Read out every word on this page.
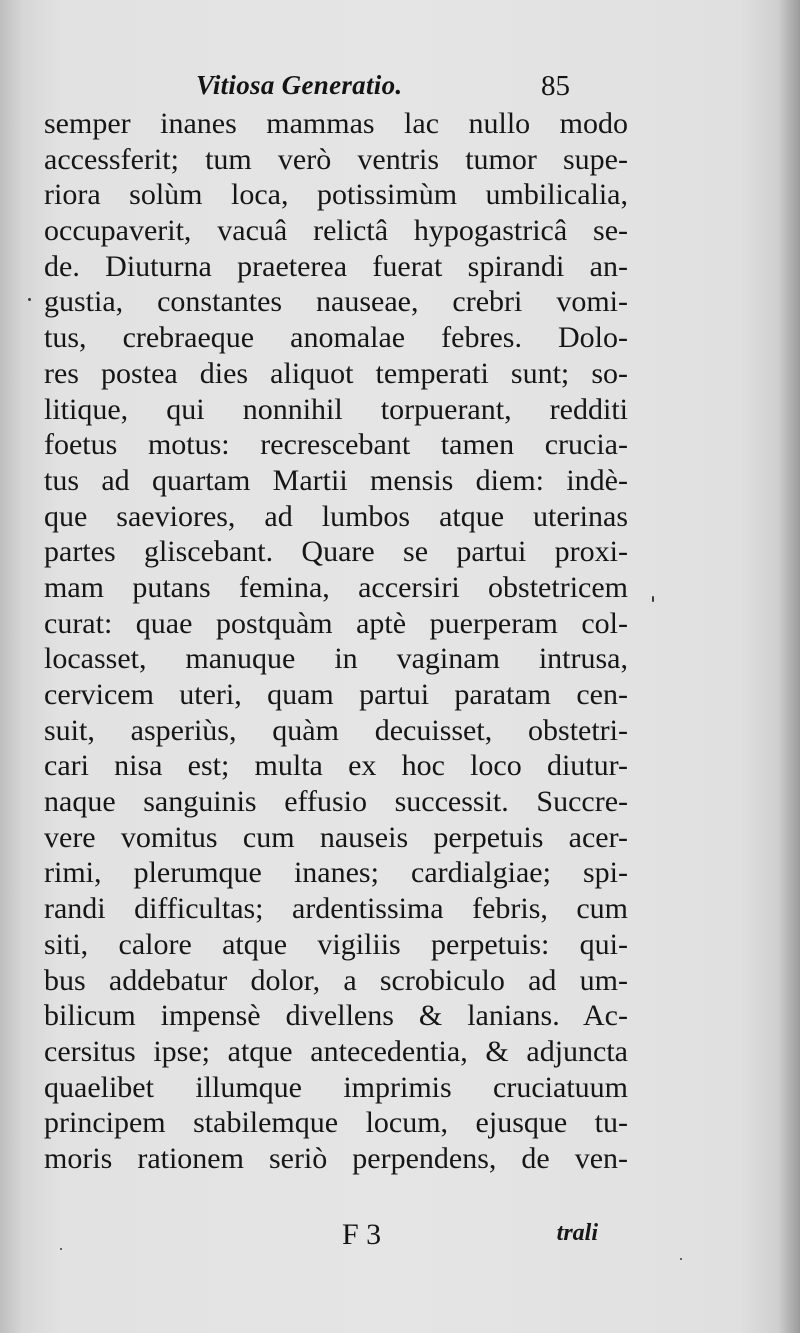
Vitiosa Generatio.	85
semper inanes mammas lac nullo modo
accessferit; tum verò ventris tumor supe-
riora solùm loca, potissimùm umbilicalia,
occupaverit, vacuâ relictâ hypogastricâ se-
de. Diuturna praeterea fuerat spirandi an-
gustia, constantes nauseae, crebri vomi-
tus, crebraeque anomalae febres. Dolo-
res postea dies aliquot temperati sunt; so-
litique, qui nonnihil torpuerant, redditi
foetus motus: recrescebant tamen crucia-
tus ad quartam Martii mensis diem: indè-
que saeviores, ad lumbos atque uterinas
partes gliscebant. Quare se partui proxi-
mam putans femina, accersiri obstetricem
curat: quae postquàm aptè puerperam col-
locasset, manuque in vaginam intrusa,
cervicem uteri, quam partui paratam cen-
suit, asperiùs, quàm decuisset, obstetri-
cari nisa est; multa ex hoc loco diutur-
naque sanguinis effusio successit. Succre-
vere vomitus cum nauseis perpetuis acer-
rimi, plerumque inanes; cardialgiae; spi-
randi difficultas; ardentissima febris, cum
siti, calore atque vigiliis perpetuis: qui-
bus addebatur dolor, a scrobiculo ad um-
bilicum impensè divellens & lanians. Ac-
cersitus ipse; atque antecedentia, & adjuncta
quaelibet illumque imprimis cruciatuum
principem stabilemque locum, ejusque tu-
moris rationem seriò perpendens, de ven-
F 3	trali
